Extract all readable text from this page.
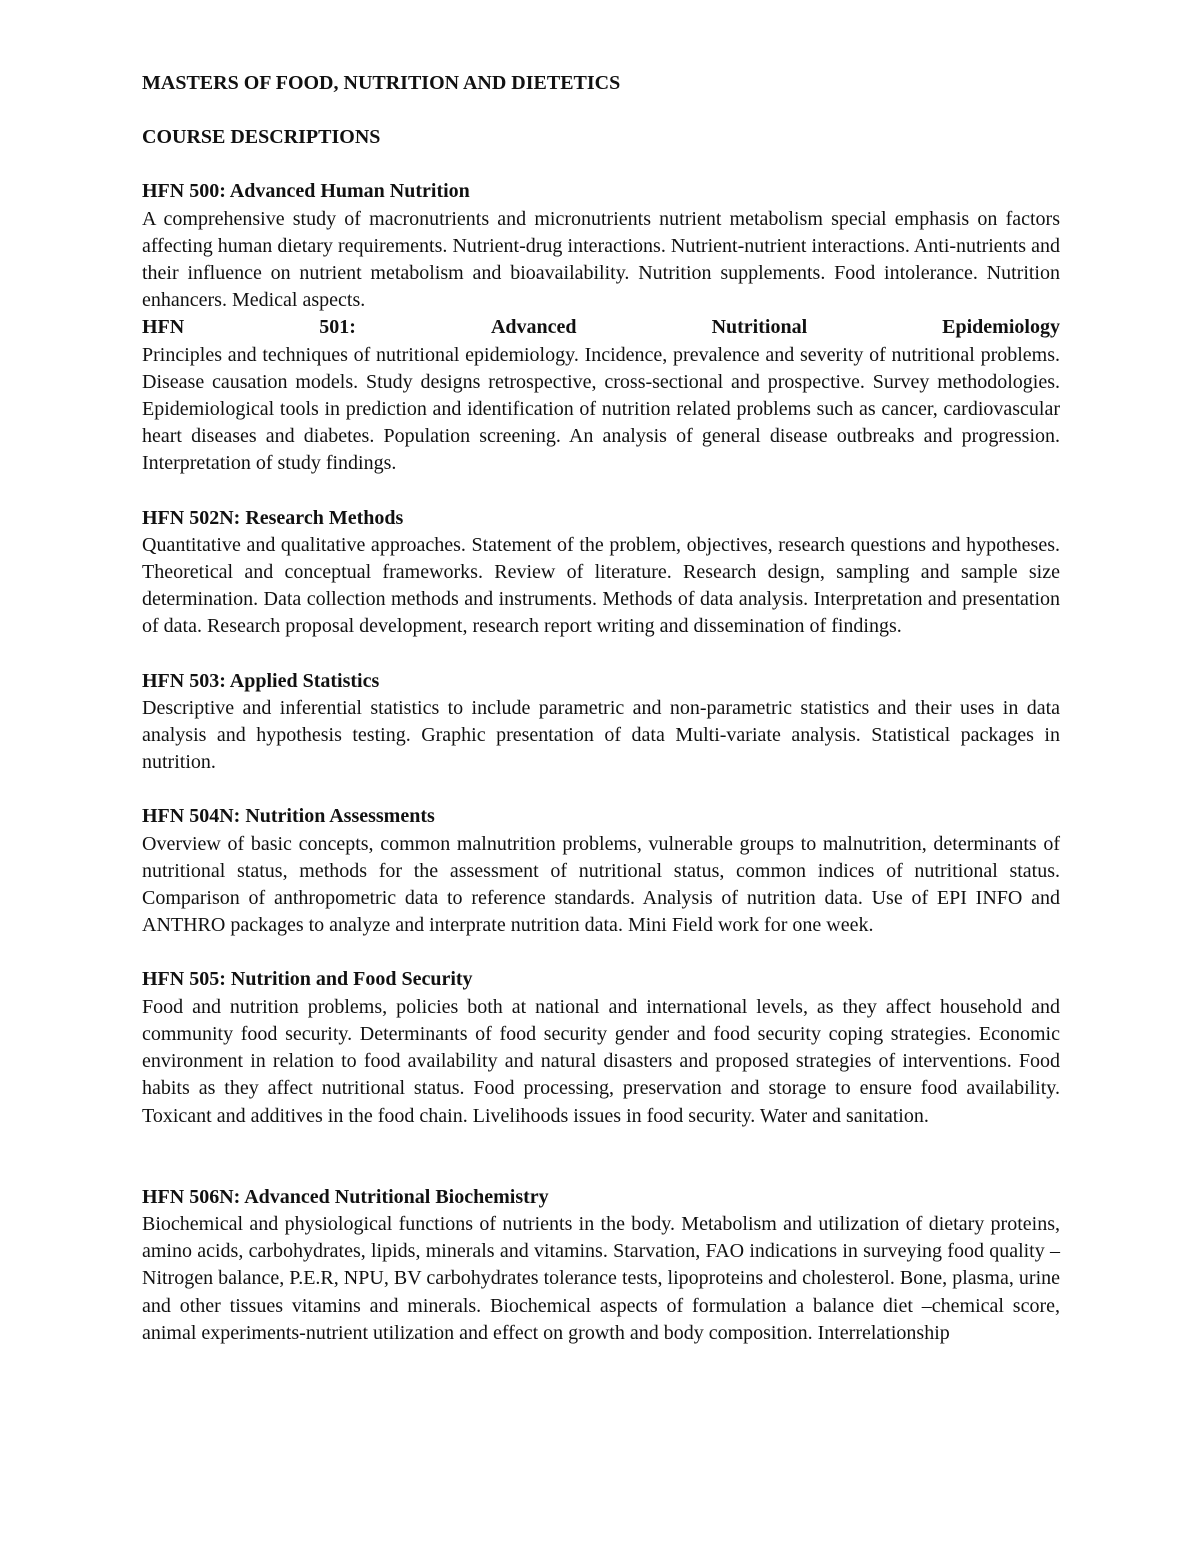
MASTERS OF FOOD, NUTRITION AND DIETETICS

COURSE DESCRIPTIONS

HFN 500: Advanced Human Nutrition

A comprehensive study of macronutrients and micronutrients nutrient metabolism special emphasis on factors affecting human dietary requirements. Nutrient-drug interactions. Nutrient-nutrient interactions. Anti-nutrients and their influence on nutrient metabolism and bioavailability. Nutrition supplements. Food intolerance. Nutrition enhancers. Medical aspects.

HFN	501:	Advanced	Nutritional	Epidemiology

Principles and techniques of nutritional epidemiology. Incidence, prevalence and severity of nutritional problems. Disease causation models. Study designs retrospective, cross-sectional and prospective. Survey methodologies. Epidemiological tools in prediction and identification of nutrition related problems such as cancer, cardiovascular heart diseases and diabetes. Population screening. An analysis of general disease outbreaks and progression. Interpretation of study findings.

HFN 502N: Research Methods

Quantitative and qualitative approaches. Statement of the problem, objectives, research questions and hypotheses. Theoretical and conceptual frameworks. Review of literature. Research design, sampling and sample size determination. Data collection methods and instruments. Methods of data analysis. Interpretation and presentation of data. Research proposal development, research report writing and dissemination of findings.

HFN 503: Applied Statistics

Descriptive and inferential statistics to include parametric and non-parametric statistics and their uses in data analysis and hypothesis testing. Graphic presentation of data Multi-variate analysis. Statistical packages in nutrition.

HFN 504N: Nutrition Assessments

Overview of basic concepts, common malnutrition problems, vulnerable groups to malnutrition, determinants of nutritional status, methods for the assessment of nutritional status, common indices of nutritional status. Comparison of anthropometric data to reference standards. Analysis of nutrition data. Use of EPI INFO and ANTHRO packages to analyze and interprate nutrition data. Mini Field work for one week.

HFN 505: Nutrition and Food Security

Food and nutrition problems, policies both at national and international levels, as they affect household and community food security. Determinants of food security gender and food security coping strategies. Economic environment in relation to food availability and natural disasters and proposed strategies of interventions. Food habits as they affect nutritional status. Food processing, preservation and storage to ensure food availability. Toxicant and additives in the food chain. Livelihoods issues in food security. Water and sanitation.

HFN 506N: Advanced Nutritional Biochemistry

Biochemical and physiological functions of nutrients in the body. Metabolism and utilization of dietary proteins, amino acids, carbohydrates, lipids, minerals and vitamins. Starvation, FAO indications in surveying food quality – Nitrogen balance, P.E.R, NPU, BV carbohydrates tolerance tests, lipoproteins and cholesterol. Bone, plasma, urine and other tissues vitamins and minerals. Biochemical aspects of formulation a balance diet –chemical score, animal experiments-nutrient utilization and effect on growth and body composition. Interrelationship
